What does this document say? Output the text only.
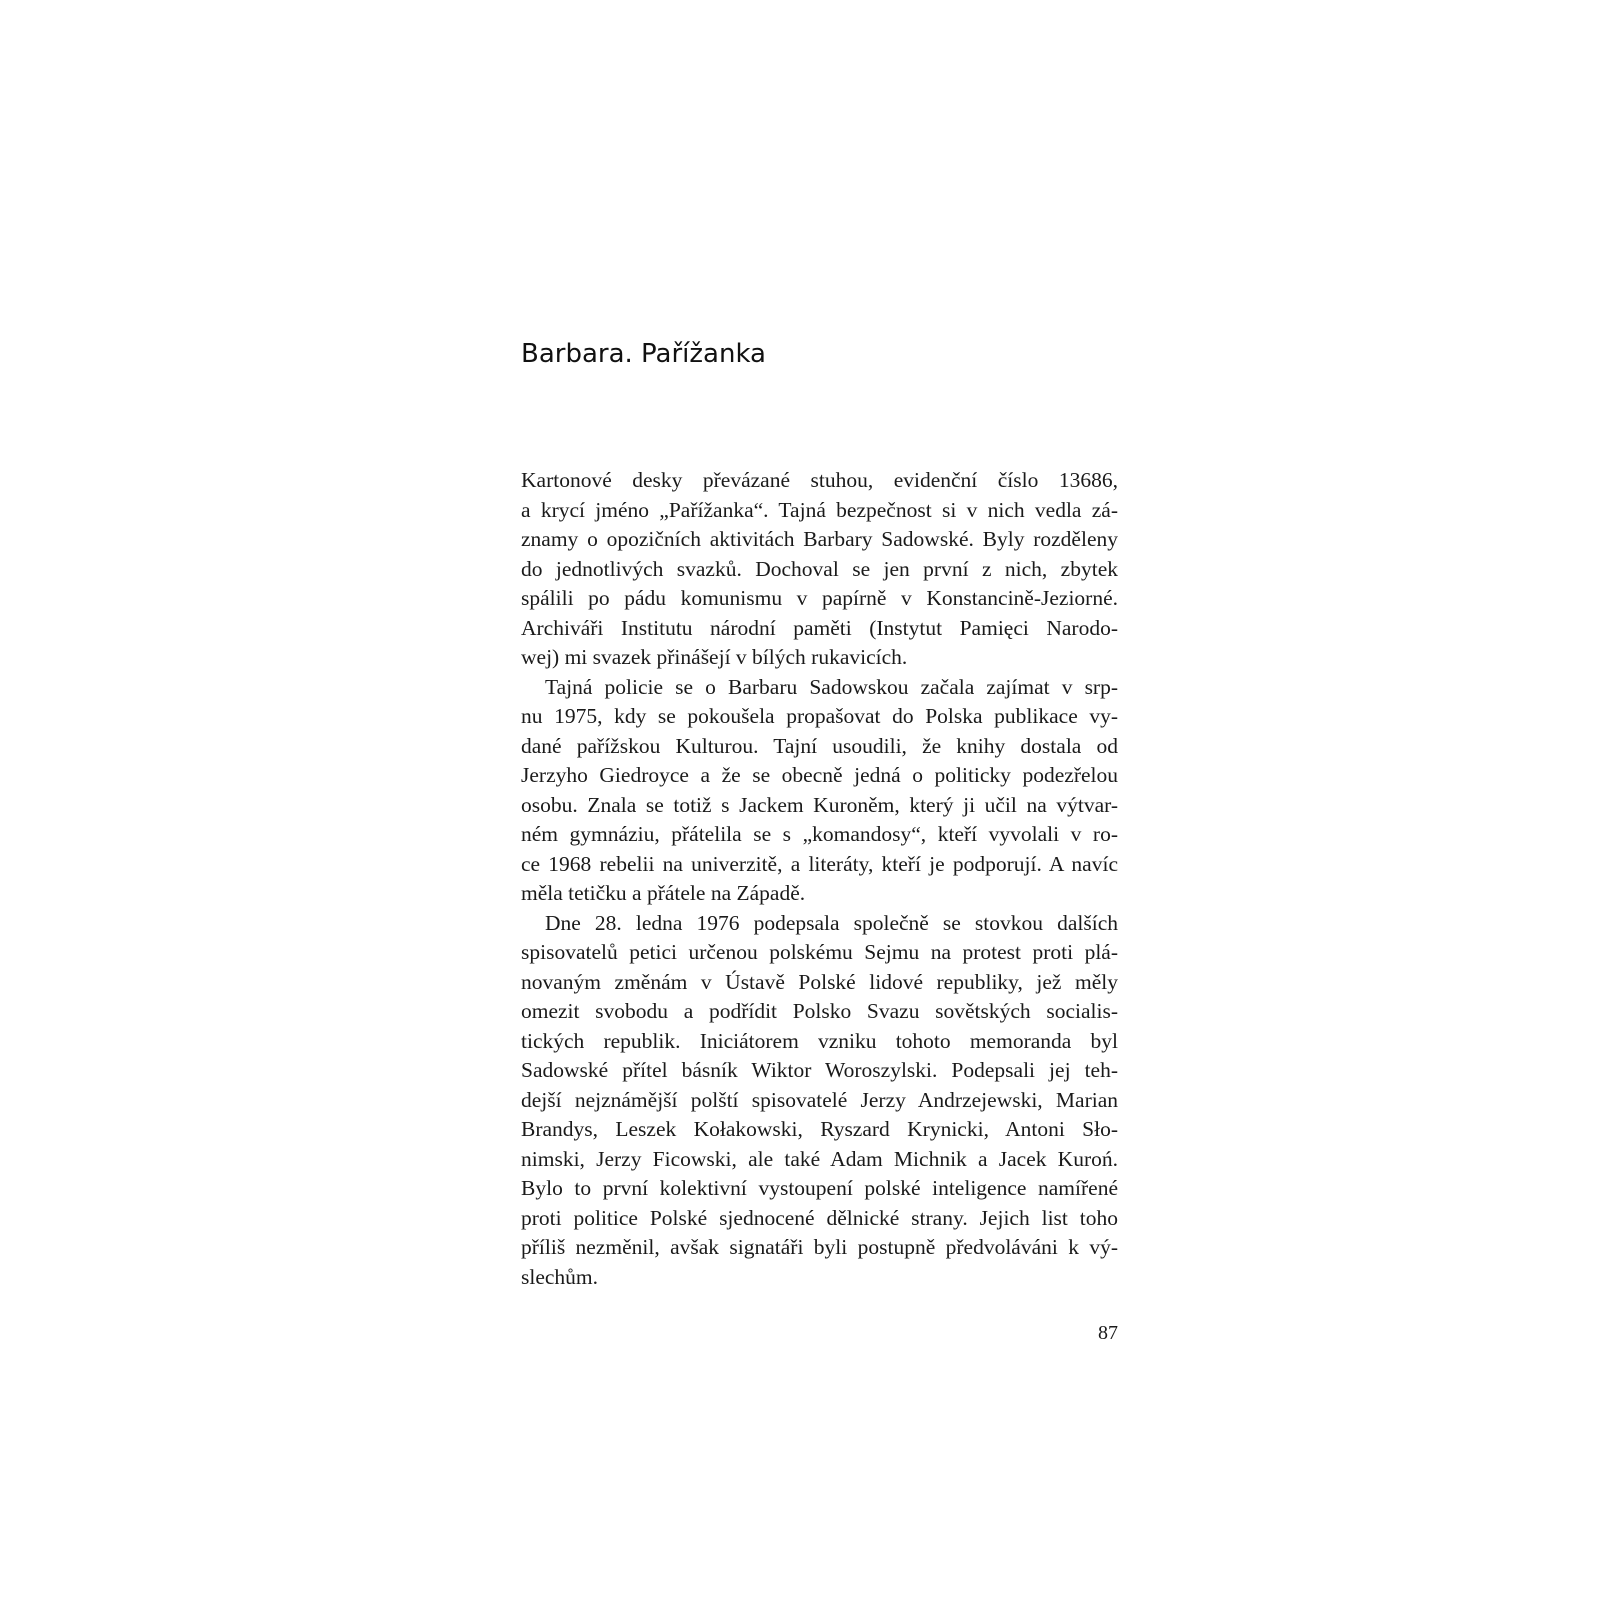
Barbara. Pařížanka
Kartonové desky převázané stuhou, evidenční číslo 13686,
a krycí jméno „Pařížanka“. Tajná bezpečnost si v nich vedla zá-
znamy o opozičních aktivitách Barbary Sadowské. Byly rozděleny
do jednotlivých svazků. Dochoval se jen první z nich, zbytek
spálili po pádu komunismu v papírně v Konstancině-Jeziorné.
Archiváři Institutu národní paměti (Instytut Pamięci Narodo-
wej) mi svazek přinášejí v bílých rukavicích.
Tajná policie se o Barbaru Sadowskou začala zajímat v srp-
nu 1975, kdy se pokoušela propašovat do Polska publikace vy-
dané pařížskou Kulturou. Tajní usoudili, že knihy dostala od
Jerzyho Giedroyce a že se obecně jedná o politicky podezřelou
osobu. Znala se totiž s Jackem Kuroněm, který ji učil na výtvar-
ném gymnáziu, přátelila se s „komandosy“, kteří vyvolali v ro-
ce 1968 rebelii na univerzitě, a literáty, kteří je podporují. A navíc
měla tetičku a přátele na Západě.
Dne 28. ledna 1976 podepsala společně se stovkou dalších
spisovatelů petici určenou polskému Sejmu na protest proti plá-
novaným změnám v Ústavě Polské lidové republiky, jež měly
omezit svobodu a podřídit Polsko Svazu sovětských socialis-
tických republik. Iniciátorem vzniku tohoto memoranda byl
Sadowské přítel básník Wiktor Woroszylski. Podepsali jej teh-
dejší nejznámější polští spisovatelé Jerzy Andrzejewski, Marian
Brandys, Leszek Kołakowski, Ryszard Krynicki, Antoni Sło-
nimski, Jerzy Ficowski, ale také Adam Michnik a Jacek Kuroń.
Bylo to první kolektivní vystoupení polské inteligence namířené
proti politice Polské sjednocené dělnické strany. Jejich list toho
příliš nezměnil, avšak signatáři byli postupně předvoláváni k vý-
slechům.
87
